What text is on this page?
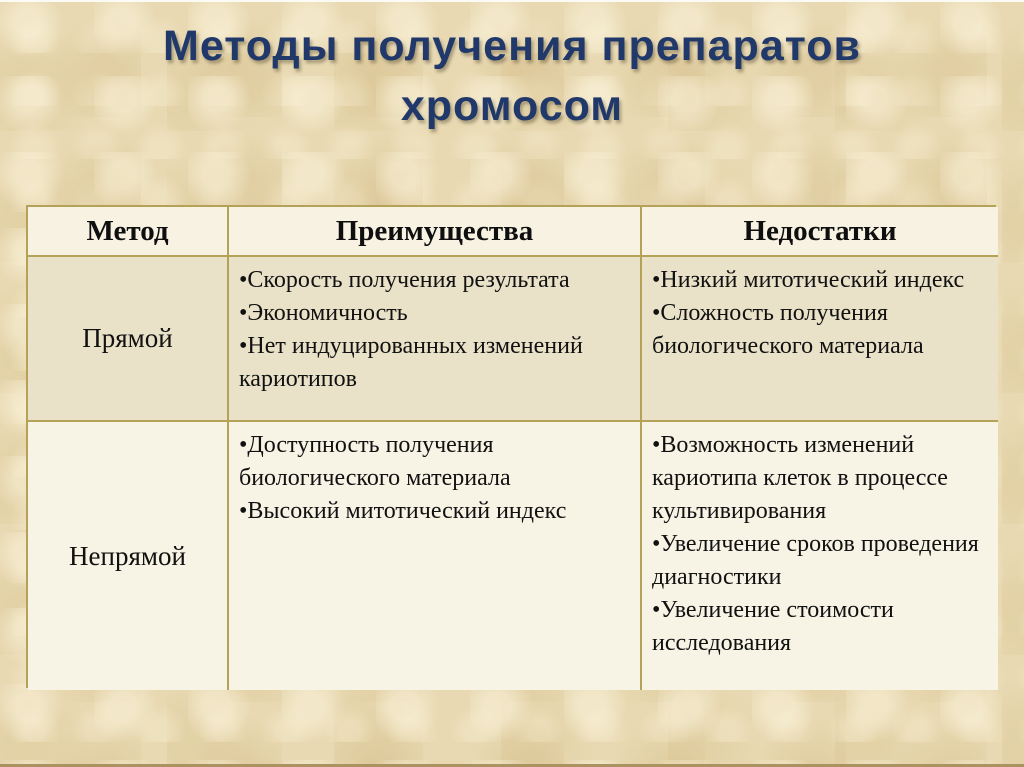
Методы получения препаратов хромосом
Метод	Преимущества	Недостатки
Прямой
•Скорость получения результата
•Экономичность
•Нет индуцированных изменений кариотипов
•Низкий митотический индекс
•Сложность получения биологического материала
Непрямой
•Доступность получения биологического материала
•Высокий митотический индекс
•Возможность изменений кариотипа клеток в процессе культивирования
•Увеличение сроков проведения диагностики
•Увеличение стоимости исследования
